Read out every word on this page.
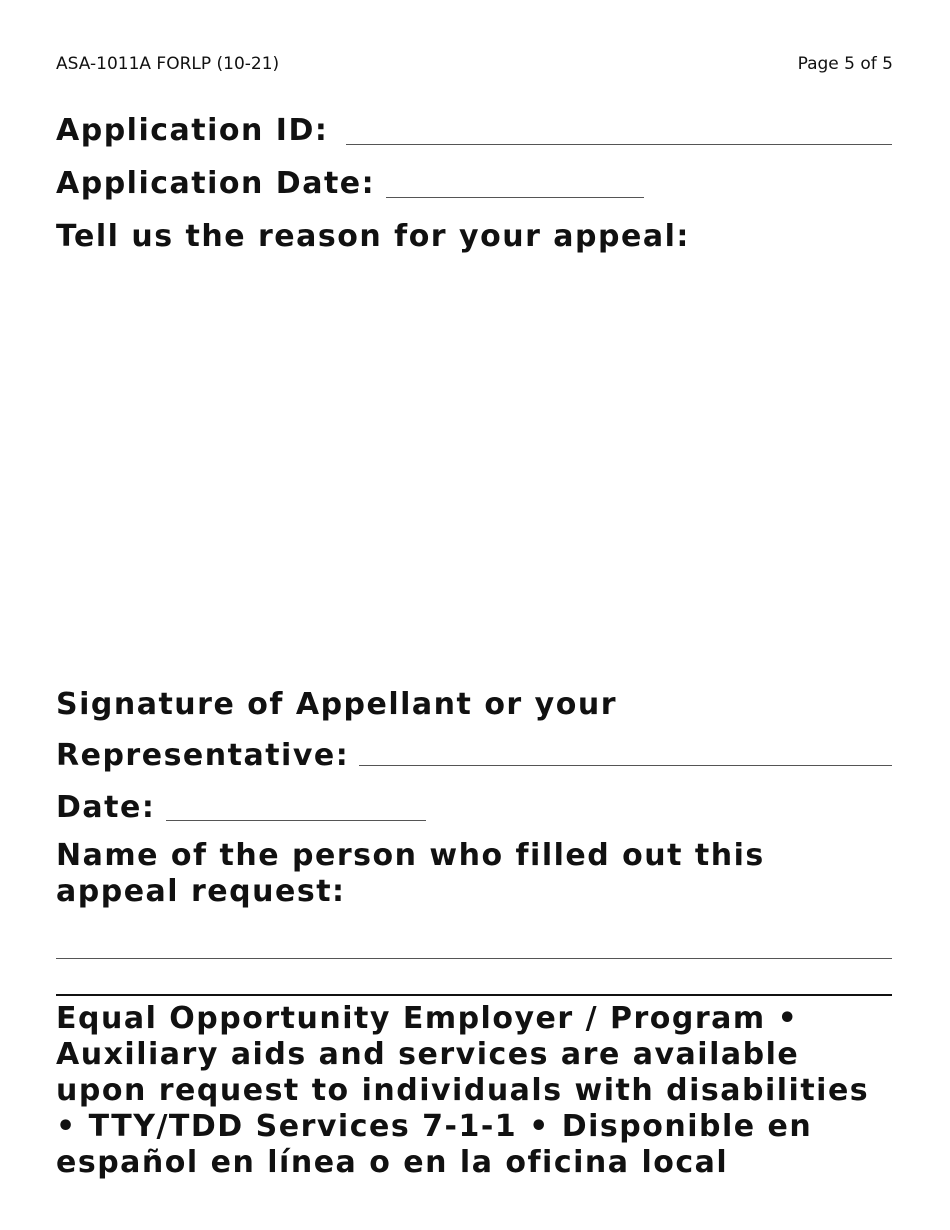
ASA-1011A FORLP (10-21)	Page 5 of 5
Application ID:
Application Date:
Tell us the reason for your appeal:
Signature of Appellant or your
Representative:
Date:
Name of the person who filled out this
appeal request:
Equal Opportunity Employer / Program •
Auxiliary aids and services are available
upon request to individuals with disabilities
• TTY/TDD Services 7-1-1 • Disponible en
español en línea o en la oficina local
